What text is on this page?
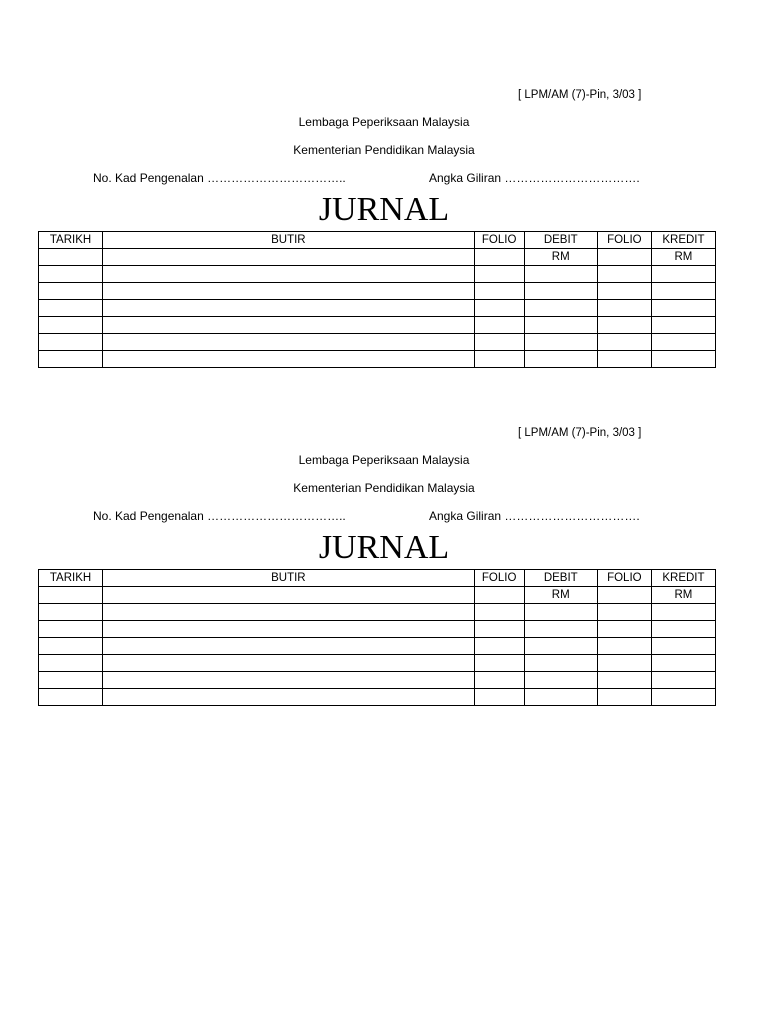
[ LPM/AM (7)-Pin, 3/03 ]
Lembaga Peperiksaan Malaysia
Kementerian Pendidikan Malaysia
No. Kad Pengenalan ……………………………..	Angka Giliran …………………………….
JURNAL
TARIKH	BUTIR	FOLIO	DEBIT	FOLIO	KREDIT
			RM		RM

[ LPM/AM (7)-Pin, 3/03 ]
Lembaga Peperiksaan Malaysia
Kementerian Pendidikan Malaysia
No. Kad Pengenalan ……………………………..	Angka Giliran …………………………….
JURNAL
TARIKH	BUTIR	FOLIO	DEBIT	FOLIO	KREDIT
			RM		RM
